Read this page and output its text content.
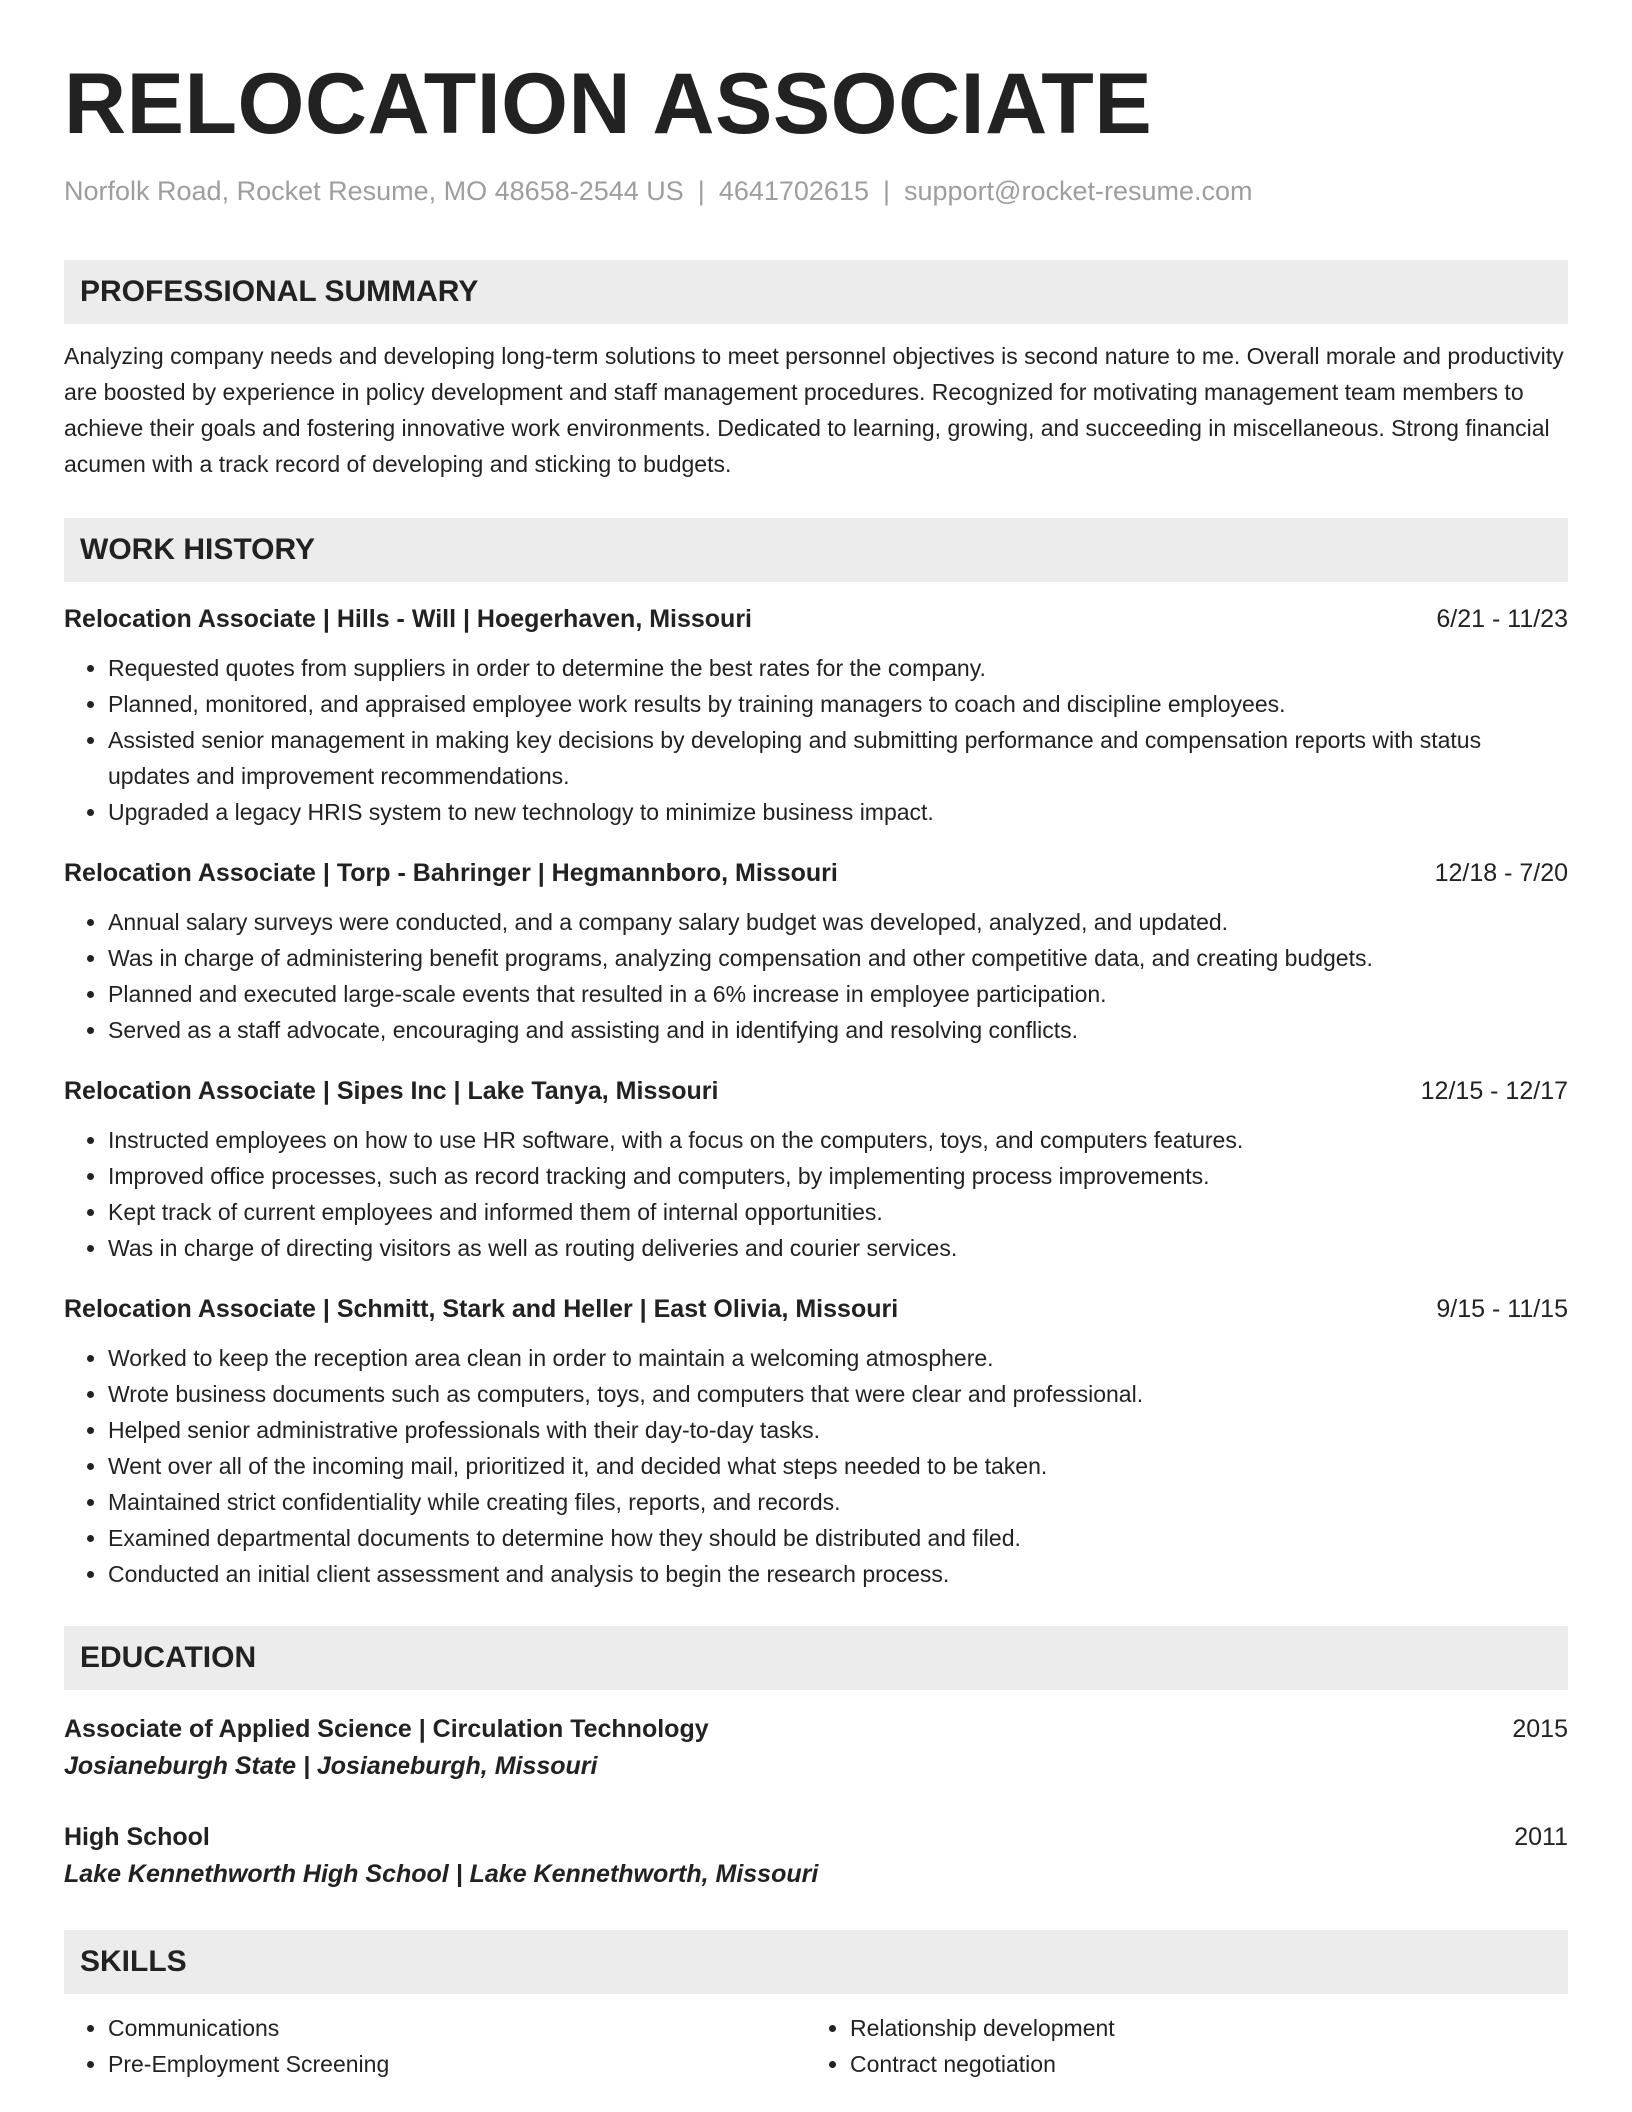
RELOCATION ASSOCIATE
Norfolk Road, Rocket Resume, MO 48658-2544 US | 4641702615 | support@rocket-resume.com
PROFESSIONAL SUMMARY
Analyzing company needs and developing long-term solutions to meet personnel objectives is second nature to me. Overall morale and productivity are boosted by experience in policy development and staff management procedures. Recognized for motivating management team members to achieve their goals and fostering innovative work environments. Dedicated to learning, growing, and succeeding in miscellaneous. Strong financial acumen with a track record of developing and sticking to budgets.
WORK HISTORY
Relocation Associate | Hills - Will | Hoegerhaven, Missouri	6/21 - 11/23
• Requested quotes from suppliers in order to determine the best rates for the company.
• Planned, monitored, and appraised employee work results by training managers to coach and discipline employees.
• Assisted senior management in making key decisions by developing and submitting performance and compensation reports with status updates and improvement recommendations.
• Upgraded a legacy HRIS system to new technology to minimize business impact.
Relocation Associate | Torp - Bahringer | Hegmannboro, Missouri	12/18 - 7/20
• Annual salary surveys were conducted, and a company salary budget was developed, analyzed, and updated.
• Was in charge of administering benefit programs, analyzing compensation and other competitive data, and creating budgets.
• Planned and executed large-scale events that resulted in a 6% increase in employee participation.
• Served as a staff advocate, encouraging and assisting and in identifying and resolving conflicts.
Relocation Associate | Sipes Inc | Lake Tanya, Missouri	12/15 - 12/17
• Instructed employees on how to use HR software, with a focus on the computers, toys, and computers features.
• Improved office processes, such as record tracking and computers, by implementing process improvements.
• Kept track of current employees and informed them of internal opportunities.
• Was in charge of directing visitors as well as routing deliveries and courier services.
Relocation Associate | Schmitt, Stark and Heller | East Olivia, Missouri	9/15 - 11/15
• Worked to keep the reception area clean in order to maintain a welcoming atmosphere.
• Wrote business documents such as computers, toys, and computers that were clear and professional.
• Helped senior administrative professionals with their day-to-day tasks.
• Went over all of the incoming mail, prioritized it, and decided what steps needed to be taken.
• Maintained strict confidentiality while creating files, reports, and records.
• Examined departmental documents to determine how they should be distributed and filed.
• Conducted an initial client assessment and analysis to begin the research process.
EDUCATION
Associate of Applied Science | Circulation Technology	2015
Josianeburgh State | Josianeburgh, Missouri
High School	2011
Lake Kennethworth High School | Lake Kennethworth, Missouri
SKILLS
• Communications
• Pre-Employment Screening
• Relationship development
• Contract negotiation
